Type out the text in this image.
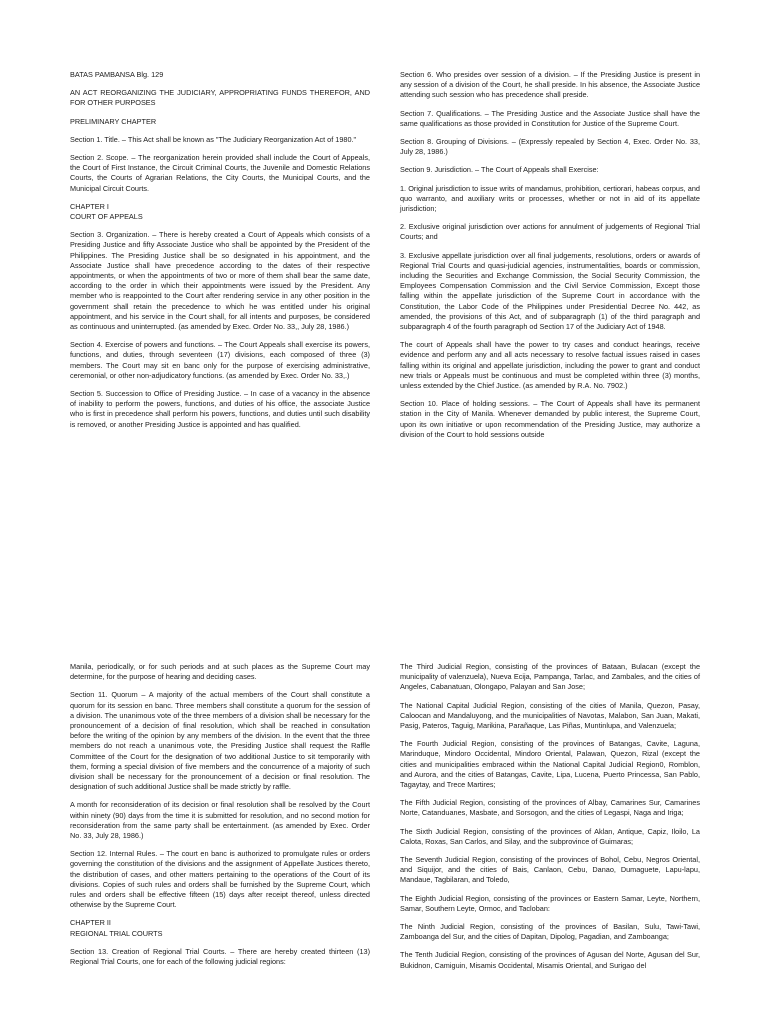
BATAS PAMBANSA Blg. 129

AN ACT REORGANIZING THE JUDICIARY, APPROPRIATING FUNDS THEREFOR, AND FOR OTHER PURPOSES

PRELIMINARY CHAPTER

Section 1. Title. – This Act shall be known as "The Judiciary Reorganization Act of 1980."

Section 2. Scope. – The reorganization herein provided shall include the Court of Appeals, the Court of First Instance, the Circuit Criminal Courts, the Juvenile and Domestic Relations Courts, the Courts of Agrarian Relations, the City Courts, the Municipal Courts, and the Municipal Circuit Courts.

CHAPTER I
COURT OF APPEALS

Section 3. Organization. – There is hereby created a Court of Appeals which consists of a Presiding Justice and fifty Associate Justice who shall be appointed by the President of the Philippines. The Presiding Justice shall be so designated in his appointment, and the Associate Justice shall have precedence according to the dates of their respective appointments, or when the appointments of two or more of them shall bear the same date, according to the order in which their appointments were issued by the President. Any member who is reappointed to the Court after rendering service in any other position in the government shall retain the precedence to which he was entitled under his original appointment, and his service in the Court shall, for all intents and purposes, be considered as continuous and uninterrupted. (as amended by Exec. Order No. 33,, July 28, 1986.)

Section 4. Exercise of powers and functions. – The Court Appeals shall exercise its powers, functions, and duties, through seventeen (17) divisions, each composed of three (3) members. The Court may sit en banc only for the purpose of exercising administrative, ceremonial, or other non-adjudicatory functions. (as amended by Exec. Order No. 33,.)

Section 5. Succession to Office of Presiding Justice. – In case of a vacancy in the absence of inability to perform the powers, functions, and duties of his office, the associate Justice who is first in precedence shall perform his powers, functions, and duties until such disability is removed, or another Presiding Justice is appointed and has qualified.

Section 6. Who presides over session of a division. – If the Presiding Justice is present in any session of a division of the Court, he shall preside. In his absence, the Associate Justice attending such session who has precedence shall preside.

Section 7. Qualifications. – The Presiding Justice and the Associate Justice shall have the same qualifications as those provided in Constitution for Justice of the Supreme Court.

Section 8. Grouping of Divisions. – (Expressly repealed by Section 4, Exec. Order No. 33, July 28, 1986.)

Section 9. Jurisdiction. – The Court of Appeals shall Exercise:

1. Original jurisdiction to issue writs of mandamus, prohibition, certiorari, habeas corpus, and quo warranto, and auxiliary writs or processes, whether or not in aid of its appellate jurisdiction;

2. Exclusive original jurisdiction over actions for annulment of judgements of Regional Trial Courts; and

3. Exclusive appellate jurisdiction over all final judgements, resolutions, orders or awards of Regional Trial Courts and quasi-judicial agencies, instrumentalities, boards or commission, including the Securities and Exchange Commission, the Social Security Commission, the Employees Compensation Commission and the Civil Service Commission, Except those falling within the appellate jurisdiction of the Supreme Court in accordance with the Constitution, the Labor Code of the Philippines under Presidential Decree No. 442, as amended, the provisions of this Act, and of subparagraph (1) of the third paragraph and subparagraph 4 of the fourth paragraph od Section 17 of the Judiciary Act of 1948.

The court of Appeals shall have the power to try cases and conduct hearings, receive evidence and perform any and all acts necessary to resolve factual issues raised in cases falling within its original and appellate jurisdiction, including the power to grant and conduct new trials or Appeals must be continuous and must be completed within three (3) months, unless extended by the Chief Justice. (as amended by R.A. No. 7902.)

Section 10. Place of holding sessions. – The Court of Appeals shall have its permanent station in the City of Manila. Whenever demanded by public interest, the Supreme Court, upon its own initiative or upon recommendation of the Presiding Justice, may authorize a division of the Court to hold sessions outside

Manila, periodically, or for such periods and at such places as the Supreme Court may determine, for the purpose of hearing and deciding cases.

Section 11. Quorum – A majority of the actual members of the Court shall constitute a quorum for its session en banc. Three members shall constitute a quorum for the session of a division. The unanimous vote of the three members of a division shall be necessary for the pronouncement of a decision of final resolution, which shall be reached in consultation before the writing of the opinion by any members of the division. In the event that the three members do not reach a unanimous vote, the Presiding Justice shall request the Raffle Committee of the Court for the designation of two additional Justice to sit temporarily with them, forming a special division of five members and the concurrence of a majority of such division shall be necessary for the pronouncement of a decision or final resolution. The designation of such additional Justice shall be made strictly by raffle.

A month for reconsideration of its decision or final resolution shall be resolved by the Court within ninety (90) days from the time it is submitted for resolution, and no second motion for reconsideration from the same party shall be entertainment. (as amended by Exec. Order No. 33, July 28, 1986.)

Section 12. Internal Rules. – The court en banc is authorized to promulgate rules or orders governing the constitution of the divisions and the assignment of Appellate Justices thereto, the distribution of cases, and other matters pertaining to the operations of the Court of its divisions. Copies of such rules and orders shall be furnished by the Supreme Court, which rules and orders shall be effective fifteen (15) days after receipt thereof, unless directed otherwise by the Supreme Court.

CHAPTER II
REGIONAL TRIAL COURTS

Section 13. Creation of Regional Trial Courts. – There are hereby created thirteen (13) Regional Trial Courts, one for each of the following judicial regions:

The Third Judicial Region, consisting of the provinces of Bataan, Bulacan (except the municipality of valenzuela), Nueva Ecija, Pampanga, Tarlac, and Zambales, and the cities of Angeles, Cabanatuan, Olongapo, Palayan and San Jose;

The National Capital Judicial Region, consisting of the cities of Manila, Quezon, Pasay, Caloocan and Mandaluyong, and the municipalities of Navotas, Malabon, San Juan, Makati, Pasig, Pateros, Taguig, Marikina, Parañaque, Las Piñas, Muntinlupa, and Valenzuela;

The Fourth Judicial Region, consisting of the provinces of Batangas, Cavite, Laguna, Marinduque, Mindoro Occidental, Mindoro Oriental, Palawan, Quezon, Rizal (except the cities and municipalities embraced within the National Capital Judicial Region0, Romblon, and Aurora, and the cities of Batangas, Cavite, Lipa, Lucena, Puerto Princessa, San Pablo, Tagaytay, and Trece Martires;

The Fifth Judicial Region, consisting of the provinces of Albay, Camarines Sur, Camarines Norte, Catanduanes, Masbate, and Sorsogon, and the cities of Legaspi, Naga and Iriga;

The Sixth Judicial Region, consisting of the provinces of Aklan, Antique, Capiz, Iloilo, La Calota, Roxas, San Carlos, and Silay, and the subprovince of Guimaras;

The Seventh Judicial Region, consisting of the provinces of Bohol, Cebu, Negros Oriental, and Siquijor, and the cities of Bais, Canlaon, Cebu, Danao, Dumaguete, Lapu-lapu, Mandaue, Tagbilaran, and Toledo,

The Eighth Judicial Region, consisting of the provinces or Eastern Samar, Leyte, Northern, Samar, Southern Leyte, Ormoc, and Tacloban:

The Ninth Judicial Region, consisting of the provinces of Basilan, Sulu, Tawi-Tawi, Zamboanga del Sur, and the cities of Dapitan, Dipolog, Pagadian, and Zamboanga;

The Tenth Judicial Region, consisting of the provinces of Agusan del Norte, Agusan del Sur, Bukidnon, Camiguin, Misamis Occidental, Misamis Oriental, and Surigao del
